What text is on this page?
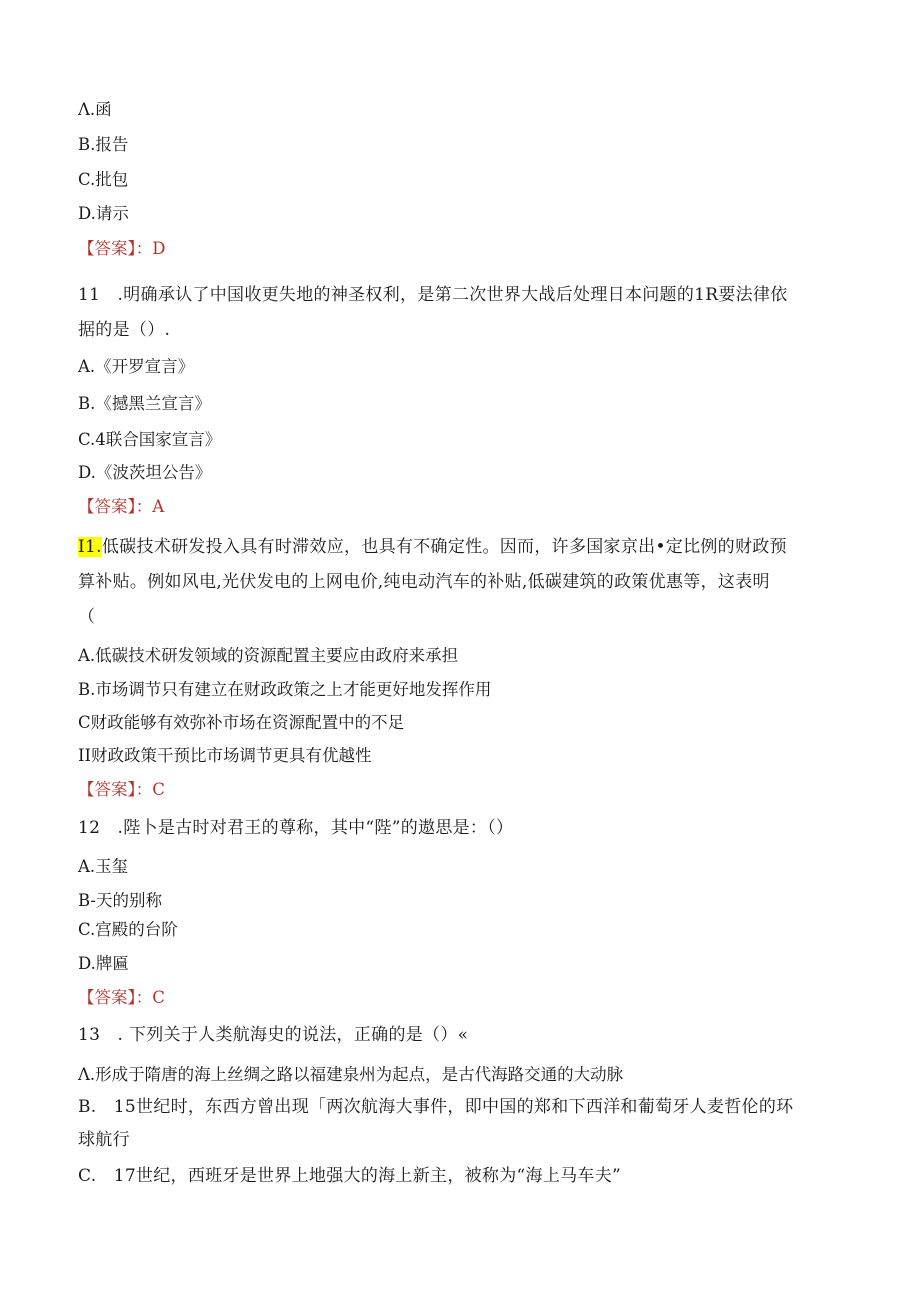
Λ.函
B.报告
C.批包
D.请示
【答案】：D
11　.明确承认了中国收更失地的神圣权利，是第二次世界大战后处理日本问题的1R要法律依
据的是（）.
A.《开罗宣言》
B.《撼黑兰宣言》
C.4联合国家宣言》
D.《波茨坦公告》
【答案】：A
I1.低碳技术研发投入具有时滞效应，也具有不确定性。因而，许多国家京出•定比例的财政预
算补贴。例如风电,光伏发电的上网电价,纯电动汽车的补贴,低碳建筑的政策优惠等，这表明
（
A.低碳技术研发领域的资源配置主要应由政府来承担
B.市场调节只有建立在财政政策之上才能更好地发挥作用
C财政能够有效弥补市场在资源配置中的不足
II财政政策干预比市场调节更具有优越性
【答案】：C
12　.陛卜是古时对君王的尊称，其中“陛”的遨思是：（）
A.玉玺
B-天的别称
C.宫殿的台阶
D.牌匾
【答案】：C
13　. 下列关于人类航海史的说法，正确的是（）«
Λ.形成于隋唐的海上丝绸之路以福建泉州为起点，是古代海路交通的大动脉
B.　15世纪时，东西方曾出现「两次航海大事件，即中国的郑和下西洋和葡萄牙人麦哲伦的环
球航行
C.　17世纪，西班牙是世界上地强大的海上新主，被称为“海上马车夫”
